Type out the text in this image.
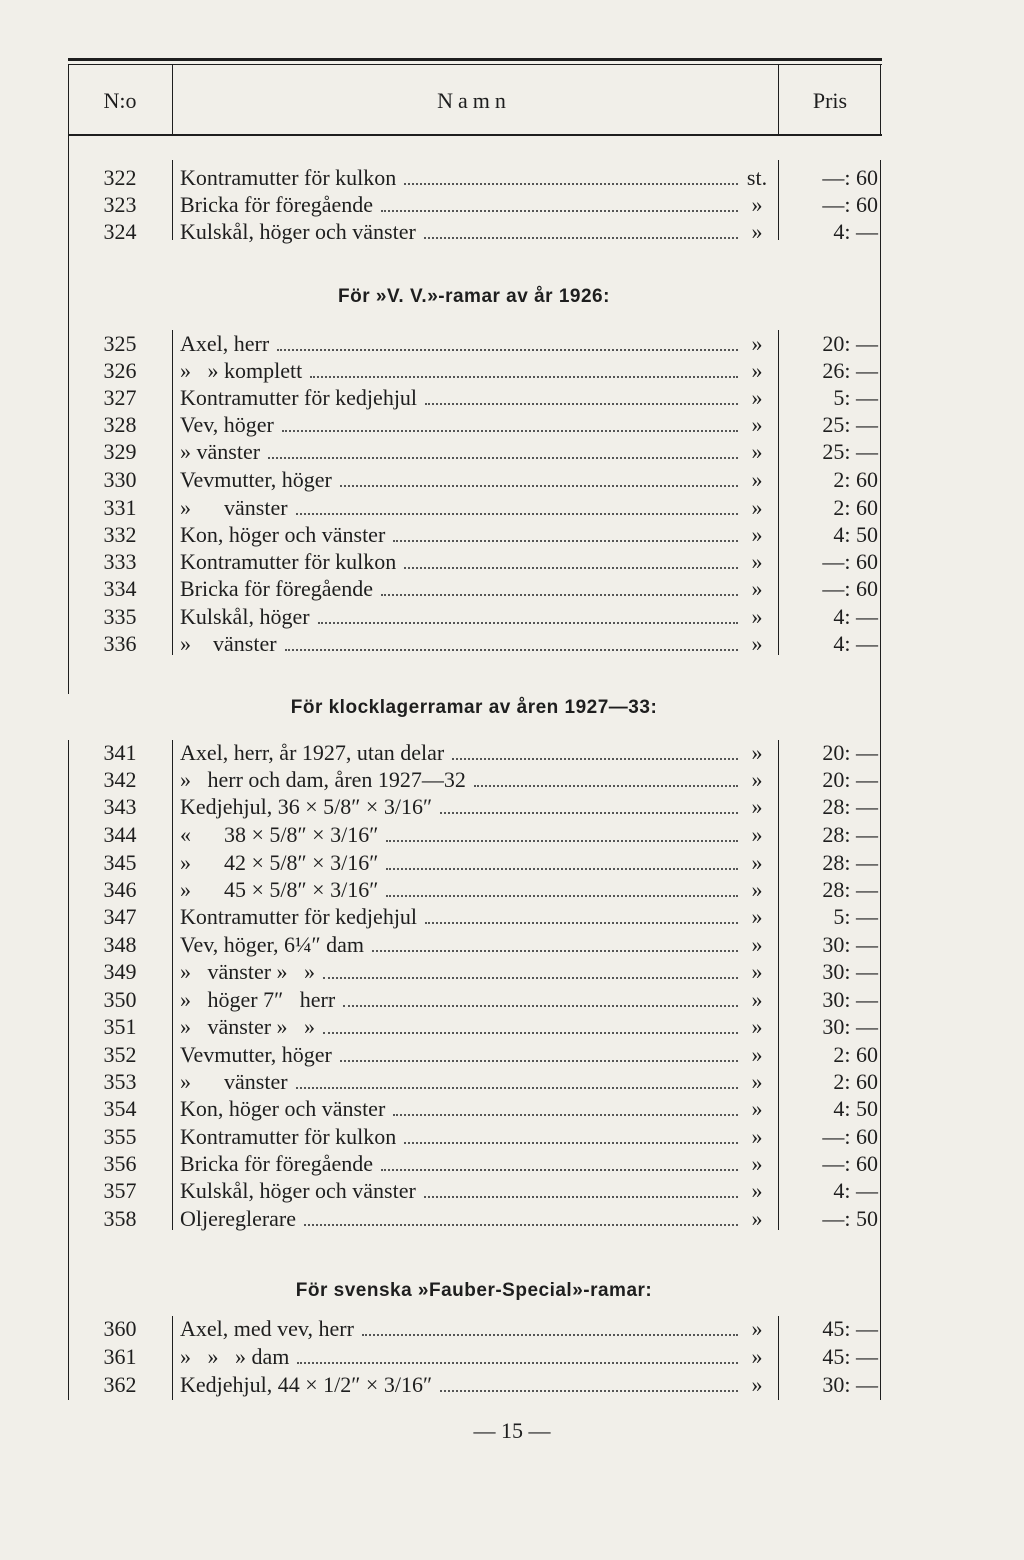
N:o	Namn	Pris
322	Kontramutter för kulkon	st.	—: 60
323	Bricka för föregående	»	—: 60
324	Kulskål, höger och vänster	»	4: —
För »V. V.»-ramar av år 1926:
325	Axel, herr	»	20: —
326	»   » komplett	»	26: —
327	Kontramutter för kedjehjul	»	5: —
328	Vev, höger	»	25: —
329	» vänster	»	25: —
330	Vevmutter, höger	»	2: 60
331	»      vänster	»	2: 60
332	Kon, höger och vänster	»	4: 50
333	Kontramutter för kulkon	»	—: 60
334	Bricka för föregående	»	—: 60
335	Kulskål, höger	»	4: —
336	»    vänster	»	4: —
För klocklagerramar av åren 1927—33:
341	Axel, herr, år 1927, utan delar	»	20: —
342	»   herr och dam, åren 1927—32	»	20: —
343	Kedjehjul, 36 × 5/8″ × 3/16″	»	28: —
344	«      38 × 5/8″ × 3/16″	»	28: —
345	»      42 × 5/8″ × 3/16″	»	28: —
346	»      45 × 5/8″ × 3/16″	»	28: —
347	Kontramutter för kedjehjul	»	5: —
348	Vev, höger, 6¼″ dam	»	30: —
349	»   vänster »   »	»	30: —
350	»   höger 7″   herr	»	30: —
351	»   vänster »   »	»	30: —
352	Vevmutter, höger	»	2: 60
353	»      vänster	»	2: 60
354	Kon, höger och vänster	»	4: 50
355	Kontramutter för kulkon	»	—: 60
356	Bricka för föregående	»	—: 60
357	Kulskål, höger och vänster	»	4: —
358	Oljereglerare	»	—: 50
För svenska »Fauber-Special»-ramar:
360	Axel, med vev, herr	»	45: —
361	»   »   » dam	»	45: —
362	Kedjehjul, 44 × 1/2″ × 3/16″	»	30: —
— 15 —
